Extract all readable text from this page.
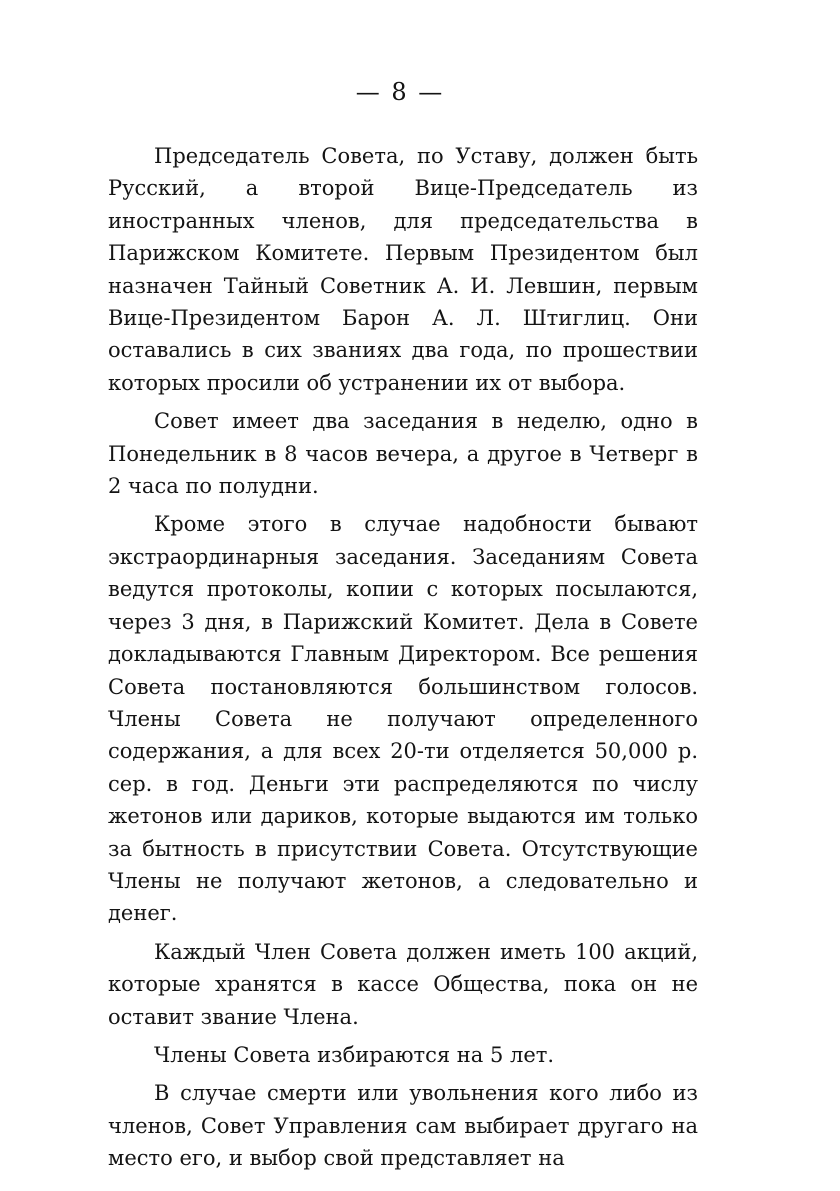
— 8 —

Председатель Совета, по Уставу, должен быть Русский, а второй Вице-Председатель из иностранных членов, для председательства в Парижском Комитете. Первым Президентом был назначен Тайный Советник А. И. Левшин, первым Вице-Президентом Барон А. Л. Штиглиц. Они оставались в сих званиях два года, по прошествии которых просили об устранении их от выбора.

Совет имеет два заседания в неделю, одно в Понедельник в 8 часов вечера, а другое в Четверг в 2 часа по полудни.

Кроме этого в случае надобности бывают экстраординарныя заседания. Заседаниям Совета ведутся протоколы, копии с которых посылаются, через 3 дня, в Парижский Комитет. Дела в Совете докладываются Главным Директором. Все решения Совета постановляются большинством голосов. Члены Совета не получают определенного содержания, а для всех 20-ти отделяется 50,000 р. сер. в год. Деньги эти распределяются по числу жетонов или дариков, которые выдаются им только за бытность в присутствии Совета. Отсутствующие Члены не получают жетонов, а следовательно и денег.

Каждый Член Совета должен иметь 100 акций, которые хранятся в кассе Общества, пока он не оставит звание Члена.

Члены Совета избираются на 5 лет.

В случае смерти или увольнения кого либо из членов, Совет Управления сам выбирает другаго на место его, и выбор свой представляет на
